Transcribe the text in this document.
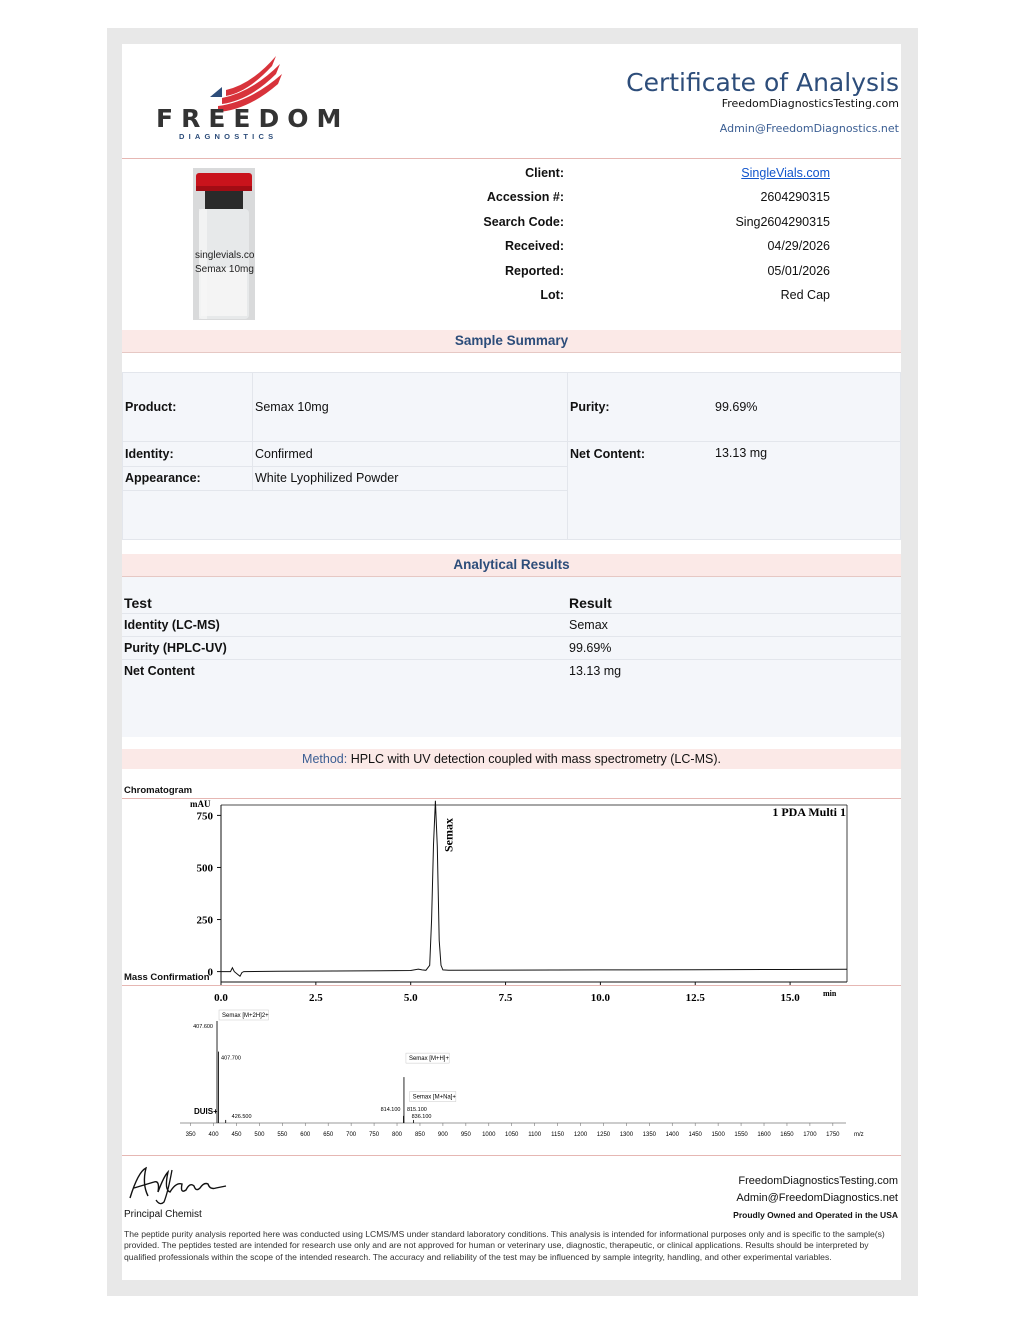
FREEDOM
DIAGNOSTICS
Certificate of Analysis
FreedomDiagnosticsTesting.com
Admin@FreedomDiagnostics.net
singlevials.co
Semax 10mg
Client:	SingleVials.com
Accession #:	2604290315
Search Code:	Sing2604290315
Received:	04/29/2026
Reported:	05/01/2026
Lot:	Red Cap
Sample Summary
Product:	Semax 10mg	Purity:	99.69%
Identity:	Confirmed	Net Content:	13.13 mg
Appearance:	White Lyophilized Powder
Analytical Results
Test	Result
Identity (LC-MS)	Semax
Purity (HPLC-UV)	99.69%
Net Content	13.13 mg
Method: HPLC with UV detection coupled with mass spectrometry (LC-MS).
Chromatogram
0.0	2.5	5.0	7.5	10.0	12.5	15.0
0
250
500
750
mAU
min
1 PDA Multi 1
Semax
Mass Confirmation
350 400 450 500 550 600 650 700 750 800 850 900 950 1000 1050 1100 1150 1200 1250 1300 1350 1400 1450 1500 1550 1600 1650 1700 1750
DUIS+
m/z
407.600
407.700
426.500
814.100 815.100
836.100
Semax [M+2H]2+
Semax [M+H]+
Semax [M+Na]+
Principal Chemist
FreedomDiagnosticsTesting.com
Admin@FreedomDiagnostics.net
Proudly Owned and Operated in the USA
The peptide purity analysis reported here was conducted using LCMS/MS under standard laboratory conditions. This analysis is intended for informational purposes only and is specific to the sample(s) provided. The peptides tested are intended for research use only and are not approved for human or veterinary use, diagnostic, therapeutic, or clinical applications. Results should be interpreted by qualified professionals within the scope of the intended research. The accuracy and reliability of the test may be influenced by sample integrity, handling, and other experimental variables.
